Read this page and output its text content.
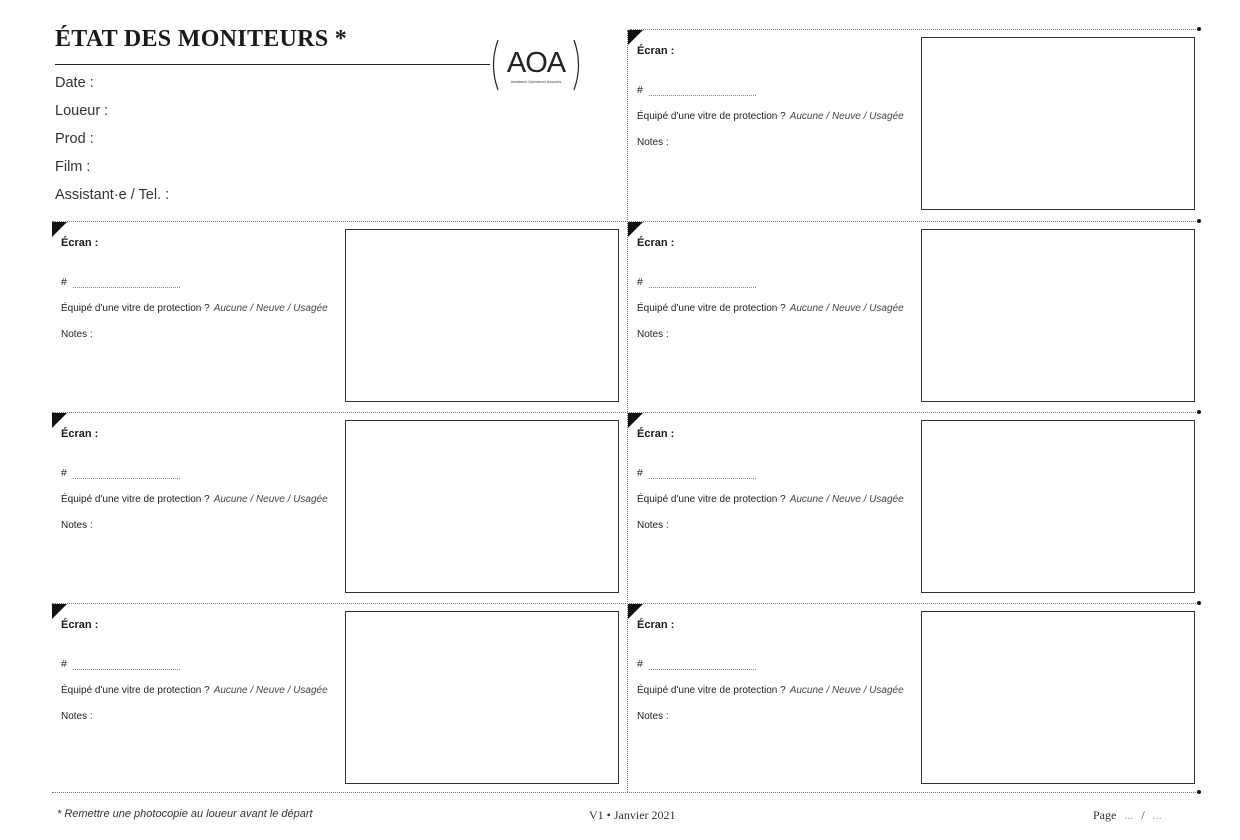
ÉTAT DES MONITEURS *
AOA
Assistants Opérateurs Associés
Date :
Loueur :
Prod :
Film :
Assistant·e / Tel. :
Écran :
#
Équipé d'une vitre de protection ? Aucune / Neuve / Usagée
Notes :
Écran :
#
Équipé d'une vitre de protection ? Aucune / Neuve / Usagée
Notes :
Écran :
#
Équipé d'une vitre de protection ? Aucune / Neuve / Usagée
Notes :
Écran :
#
Équipé d'une vitre de protection ? Aucune / Neuve / Usagée
Notes :
Écran :
#
Équipé d'une vitre de protection ? Aucune / Neuve / Usagée
Notes :
Écran :
#
Équipé d'une vitre de protection ? Aucune / Neuve / Usagée
Notes :
Écran :
#
Équipé d'une vitre de protection ? Aucune / Neuve / Usagée
Notes :
* Remettre une photocopie au loueur avant le départ	V1 • Janvier 2021	Page ... / ...
